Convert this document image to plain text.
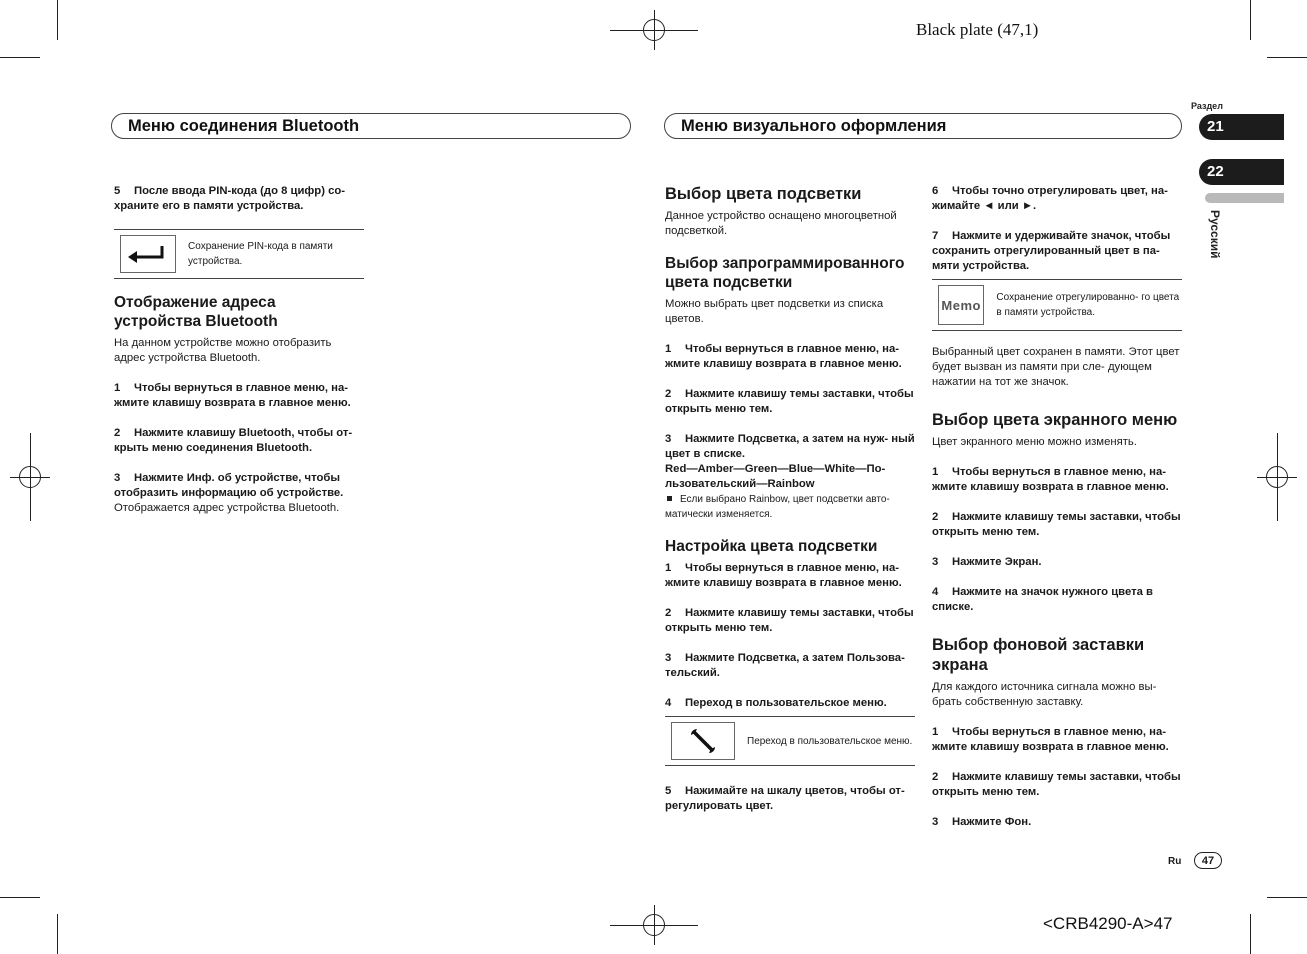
Black plate (47,1)
<CRB4290-A>47
Меню соединения Bluetooth	Меню визуального оформления
Раздел
21
22
Русский
Ru	47

5 После ввода PIN-кода (до 8 цифр) со- храните его в памяти устройства.

Сохранение PIN-кода в памяти устройства.

Отображение адреса устройства Bluetooth

На данном устройстве можно отобразить адрес устройства Bluetooth.

1 Чтобы вернуться в главное меню, на- жмите клавишу возврата в главное меню.

2 Нажмите клавишу Bluetooth, чтобы от- крыть меню соединения Bluetooth.

3 Нажмите Инф. об устройстве, чтобы отобразить информацию об устройстве.

Отображается адрес устройства Bluetooth.

Выбор цвета подсветки

Данное устройство оснащено многоцветной подсветкой.

Выбор запрограммированного цвета подсветки

Можно выбрать цвет подсветки из списка цветов.

1 Чтобы вернуться в главное меню, на- жмите клавишу возврата в главное меню.

2 Нажмите клавишу темы заставки, чтобы открыть меню тем.

3 Нажмите Подсветка, а затем на нуж- ный цвет в списке.

Red—Amber—Green—Blue—White—По- льзовательский—Rainbow

Если выбрано Rainbow, цвет подсветки авто- матически изменяется.

Настройка цвета подсветки

1 Чтобы вернуться в главное меню, на- жмите клавишу возврата в главное меню.

2 Нажмите клавишу темы заставки, чтобы открыть меню тем.

3 Нажмите Подсветка, а затем Пользова- тельский.

4 Переход в пользовательское меню.

Переход в пользовательское меню.

5 Нажимайте на шкалу цветов, чтобы от- регулировать цвет.

6 Чтобы точно отрегулировать цвет, на- жимайте ◄ или ►.

7 Нажмите и удерживайте значок, чтобы сохранить отрегулированный цвет в па- мяти устройства.

Memo Сохранение отрегулированно- го цвета в памяти устройства.

Выбранный цвет сохранен в памяти. Этот цвет будет вызван из памяти при сле- дующем нажатии на тот же значок.

Выбор цвета экранного меню

Цвет экранного меню можно изменять.

1 Чтобы вернуться в главное меню, на- жмите клавишу возврата в главное меню.

2 Нажмите клавишу темы заставки, чтобы открыть меню тем.

3 Нажмите Экран.

4 Нажмите на значок нужного цвета в списке.

Выбор фоновой заставки экрана

Для каждого источника сигнала можно вы- брать собственную заставку.

1 Чтобы вернуться в главное меню, на- жмите клавишу возврата в главное меню.

2 Нажмите клавишу темы заставки, чтобы открыть меню тем.

3 Нажмите Фон.
